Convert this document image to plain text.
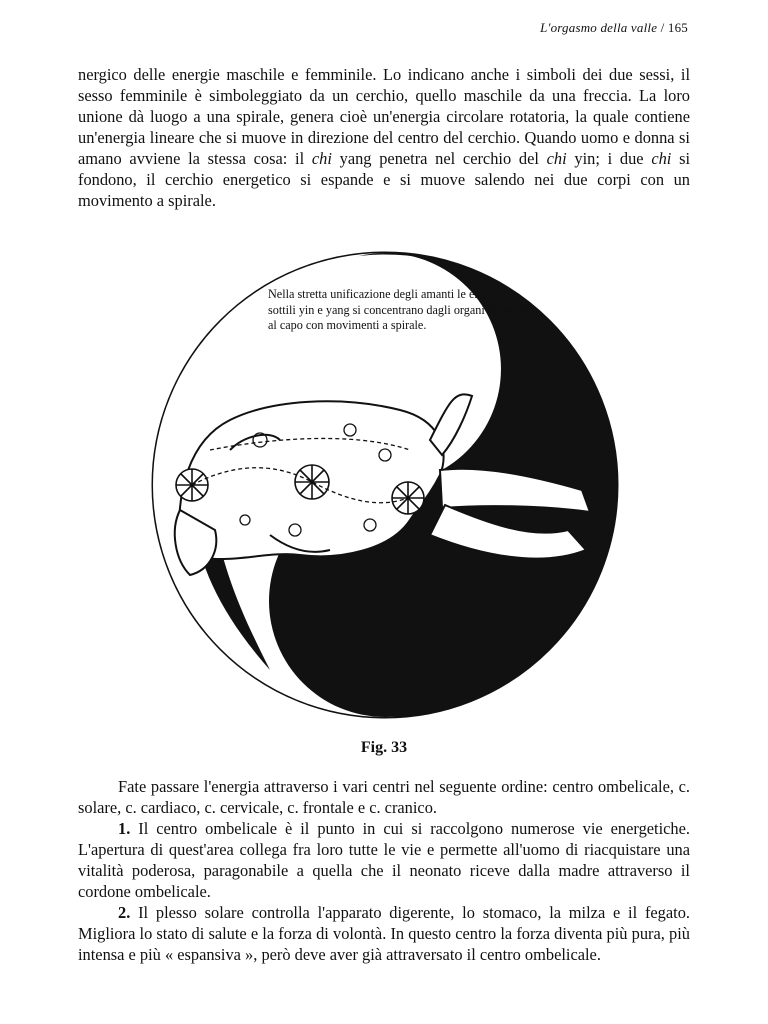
L'orgasmo della valle / 165

nergico delle energie maschile e femminile. Lo indicano anche i simboli dei due sessi, il sesso femminile è simboleggiato da un cerchio, quello maschile da una freccia. La loro unione dà luogo a una spirale, genera cioè un'energia circolare rotatoria, la quale contiene un'energia lineare che si muove in direzione del centro del cerchio. Quando uomo e donna si amano avviene la stessa cosa: il chi yang penetra nel cerchio del chi yin; i due chi si fondono, il cerchio energetico si espande e si muove salendo nei due corpi con un movimento a spirale.

Nella stretta unificazione degli amanti le energie sottili yin e yang si concentrano dagli organi sessuali al capo con movimenti a spirale.

Fig. 33

Fate passare l'energia attraverso i vari centri nel seguente ordine: centro ombelicale, c. solare, c. cardiaco, c. cervicale, c. frontale e c. cranico.

1. Il centro ombelicale è il punto in cui si raccolgono numerose vie energetiche. L'apertura di quest'area collega fra loro tutte le vie e permette all'uomo di riacquistare una vitalità poderosa, paragonabile a quella che il neonato riceve dalla madre attraverso il cordone ombelicale.

2. Il plesso solare controlla l'apparato digerente, lo stomaco, la milza e il fegato. Migliora lo stato di salute e la forza di volontà. In questo centro la forza diventa più pura, più intensa e più « espansiva », però deve aver già attraversato il centro ombelicale.
